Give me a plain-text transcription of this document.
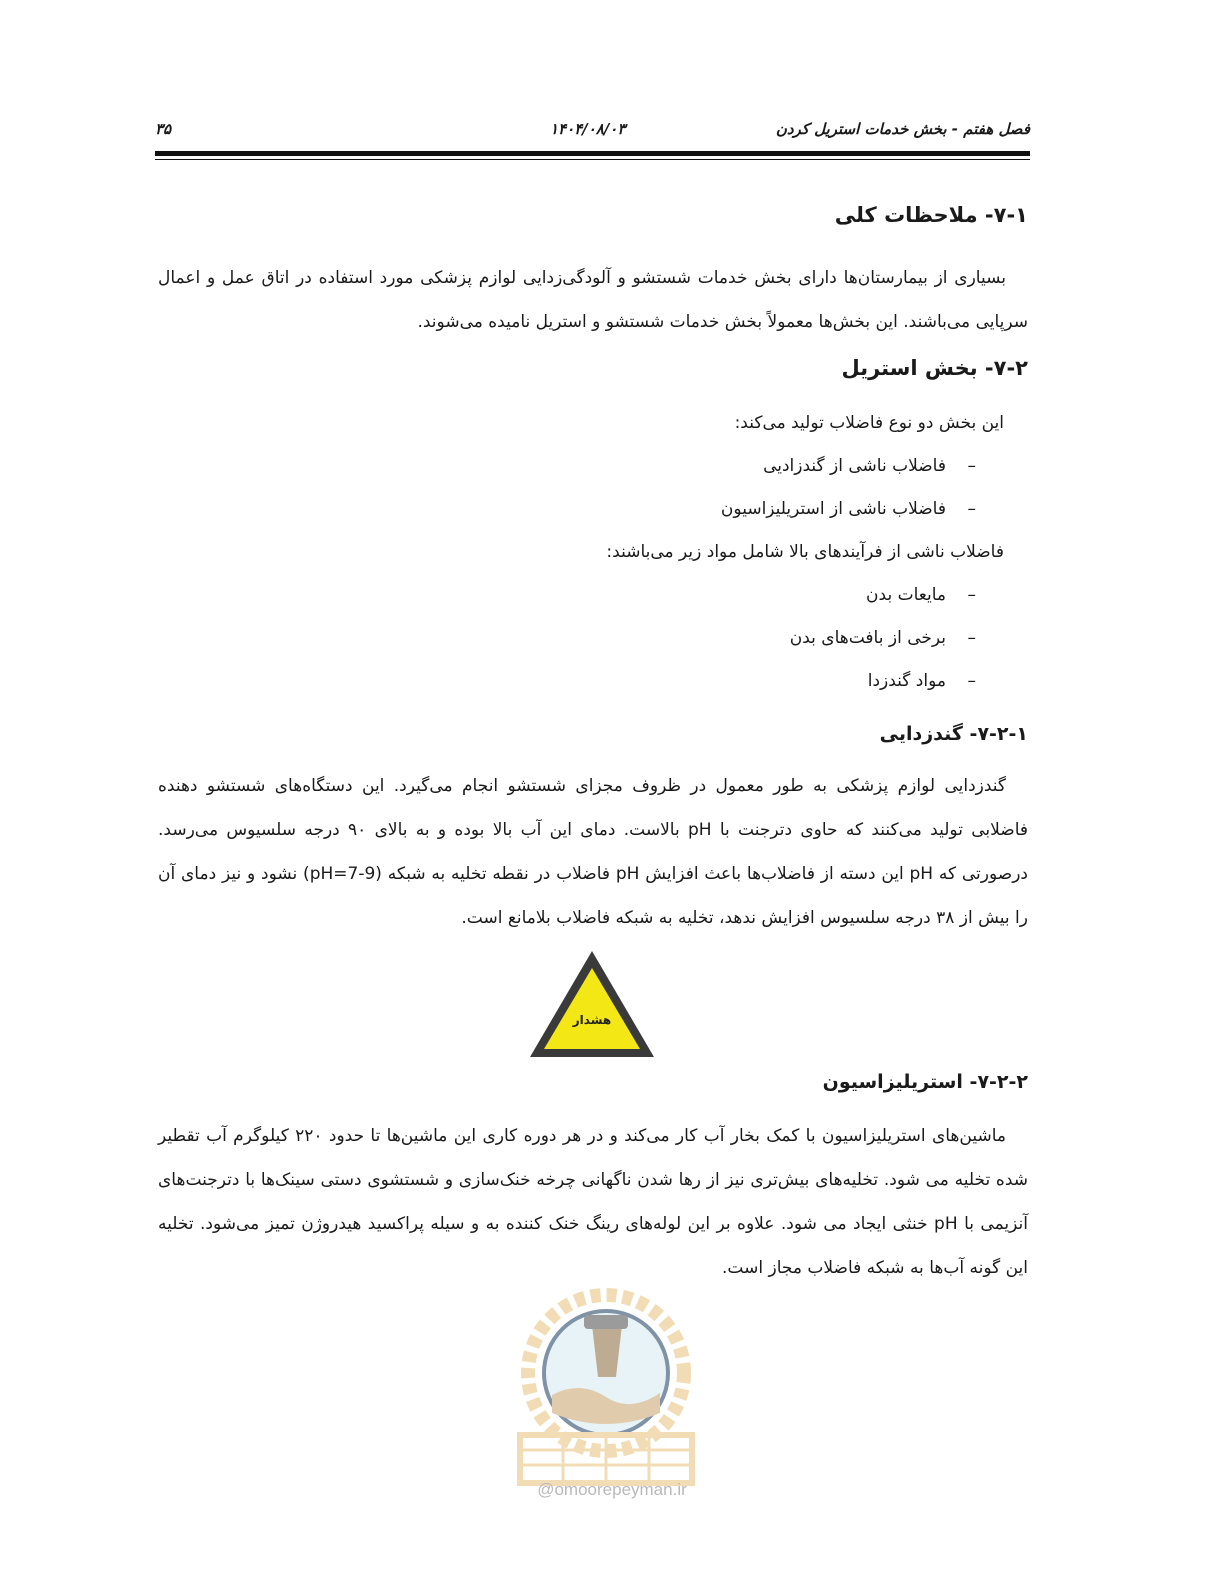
فصل هفتم - بخش خدمات استریل کردن
۱۴۰۴/۰۸/۰۳
۳۵
۷-۱- ملاحظات کلی

بسیاری از بیمارستان‌ها دارای بخش خدمات شستشو و آلودگی‌زدایی لوازم پزشکی مورد استفاده در اتاق عمل و اعمال سرپایی می‌باشند. این بخش‌ها معمولاً بخش خدمات شستشو و استریل نامیده می‌شوند.

۷-۲- بخش استریل

این بخش دو نوع فاضلاب تولید می‌کند:

–فاضلاب ناشی از گندزادیی
–فاضلاب ناشی از استریلیزاسیون

فاضلاب ناشی از فرآیندهای بالا شامل مواد زیر می‌باشند:

–مایعات بدن
–برخی از بافت‌های بدن
–مواد گندزدا
۷-۲-۱- گندزدایی

گندزدایی لوازم پزشکی به طور معمول در ظروف مجزای شستشو انجام می‌گیرد. این دستگاه‌های شستشو دهنده فاضلابی تولید می‌کنند که حاوی دترجنت با pH بالاست. دمای این آب بالا بوده و به بالای ۹۰ درجه سلسیوس می‌رسد. درصورتی که pH این دسته از فاضلاب‌ها باعث افزایش pH فاضلاب در نقطه تخلیه به شبکه (pH=7-9) نشود و نیز دمای آن را بیش از ۳۸ درجه سلسیوس افزایش ندهد، تخلیه به شبکه فاضلاب بلامانع است.

هشدار
۷-۲-۲- استریلیزاسیون

ماشین‌های استریلیزاسیون با کمک بخار آب کار می‌کند و در هر دوره کاری این ماشین‌ها تا حدود ۲۲۰ کیلوگرم آب تقطیر شده تخلیه می شود. تخلیه‌های بیش‌تری نیز از رها شدن ناگهانی چرخه خنک‌سازی و شستشوی دستی سینک‌ها با دترجنت‌های آنزیمی با pH خنثی ایجاد می شود. علاوه بر این لوله‌های رینگ خنک کننده به و سیله پراکسید هیدروژن تمیز می‌شود. تخلیه این گونه آب‌ها به شبکه فاضلاب مجاز است.

@omoorepeyman.ir
